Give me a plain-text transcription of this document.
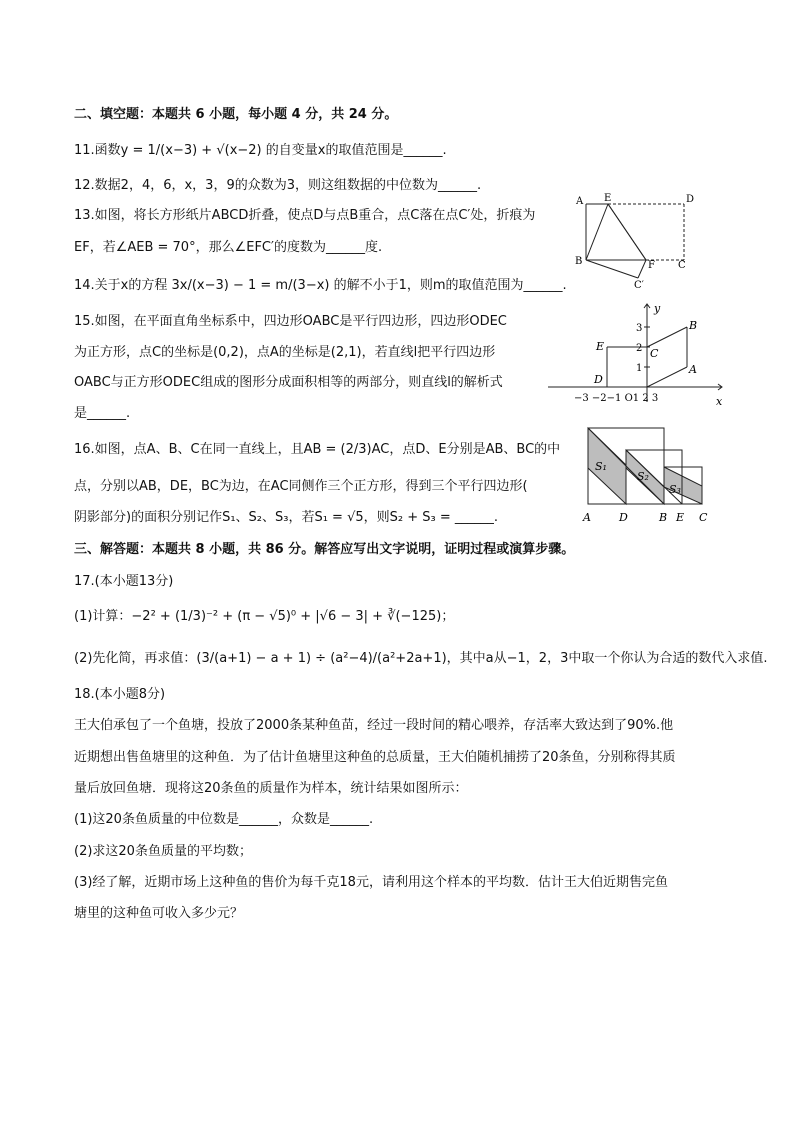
二、填空题：本题共 6 小题，每小题 4 分，共 24 分。
11.函数y = 1/(x−3) + √(x−2) 的自变量x的取值范围是______.
12.数据2，4，6，x，3，9的众数为3，则这组数据的中位数为______.
13.如图，将长方形纸片ABCD折叠，使点D与点B重合，点C落在点C′处，折痕为
EF，若∠AEB = 70°，那么∠EFC′的度数为______度.
14.关于x的方程 3x/(x−3) − 1 = m/(3−x) 的解不小于1，则m的取值范围为______.
15.如图，在平面直角坐标系中，四边形OABC是平行四边形，四边形ODEC
为正方形，点C的坐标是(0,2)，点A的坐标是(2,1)，若直线l把平行四边形
OABC与正方形ODEC组成的图形分成面积相等的两部分，则直线l的解析式
是______.
16.如图，点A、B、C在同一直线上，且AB = (2/3)AC，点D、E分别是AB、BC的中
点，分别以AB，DE，BC为边，在AC同侧作三个正方形，得到三个平行四边形(
阴影部分)的面积分别记作S₁、S₂、S₃，若S₁ = √5，则S₂ + S₃ = ______.
三、解答题：本题共 8 小题，共 86 分。解答应写出文字说明，证明过程或演算步骤。
17.(本小题13分)
(1)计算：−2² + (1/3)⁻² + (π − √5)⁰ + |√6 − 3| + ∛(−125)；
(2)先化简，再求值：(3/(a+1) − a + 1) ÷ (a²−4)/(a²+2a+1)，其中a从−1，2，3中取一个你认为合适的数代入求值.
18.(本小题8分)
王大伯承包了一个鱼塘，投放了2000条某种鱼苗，经过一段时间的精心喂养，存活率大致达到了90%.他
近期想出售鱼塘里的这种鱼．为了估计鱼塘里这种鱼的总质量，王大伯随机捕捞了20条鱼，分别称得其质
量后放回鱼塘．现将这20条鱼的质量作为样本，统计结果如图所示：
(1)这20条鱼质量的中位数是______，众数是______.
(2)求这20条鱼质量的平均数；
(3)经了解，近期市场上这种鱼的售价为每千克18元，请利用这个样本的平均数．估计王大伯近期售完鱼
塘里的这种鱼可收入多少元？
A E	D
B	F C
C′
y
x
B
A
C
E
D
3
2
1
−3 −2−1 O1 2 3
S₁
S₂
S₃
A	D	B E C
